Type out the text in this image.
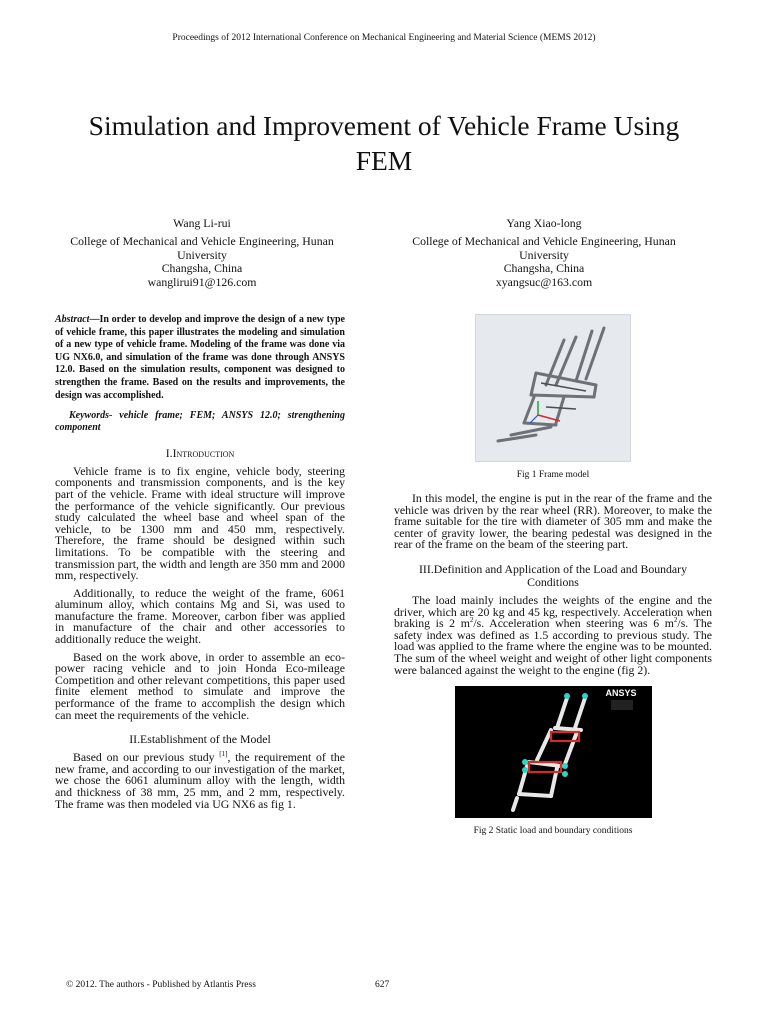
Proceedings of 2012 International Conference on Mechanical Engineering and Material Science (MEMS 2012)
Simulation and Improvement of Vehicle Frame Using
FEM
Wang Li-rui
College of Mechanical and Vehicle Engineering, Hunan
University
Changsha, China
wanglirui91@126.com
Yang Xiao-long
College of Mechanical and Vehicle Engineering, Hunan
University
Changsha, China
xyangsuc@163.com

Abstract—In order to develop and improve the design of a new type of vehicle frame, this paper illustrates the modeling and simulation of a new type of vehicle frame. Modeling of the frame was done via UG NX6.0, and simulation of the frame was done through ANSYS 12.0. Based on the simulation results, component was designed to strengthen the frame. Based on the results and improvements, the design was accomplished.

Keywords- vehicle frame; FEM; ANSYS 12.0; strengthening component

I.Introduction

Vehicle frame is to fix engine, vehicle body, steering components and transmission components, and is the key part of the vehicle. Frame with ideal structure will improve the performance of the vehicle significantly. Our previous study calculated the wheel base and wheel span of the vehicle, to be 1300 mm and 450 mm, respectively. Therefore, the frame should be designed within such limitations. To be compatible with the steering and transmission part, the width and length are 350 mm and 2000 mm, respectively.

Additionally, to reduce the weight of the frame, 6061 aluminum alloy, which contains Mg and Si, was used to manufacture the frame. Moreover, carbon fiber was applied in manufacture of the chair and other accessories to additionally reduce the weight.

Based on the work above, in order to assemble an eco-power racing vehicle and to join Honda Eco-mileage Competition and other relevant competitions, this paper used finite element method to simulate and improve the performance of the frame to accomplish the design which can meet the requirements of the vehicle.

II.Establishment of the Model

Based on our previous study [1], the requirement of the new frame, and according to our investigation of the market, we chose the 6061 aluminum alloy with the length, width and thickness of 38 mm, 25 mm, and 2 mm, respectively. The frame was then modeled via UG NX6 as fig 1.

Fig 1 Frame model

In this model, the engine is put in the rear of the frame and the vehicle was driven by the rear wheel (RR). Moreover, to make the frame suitable for the tire with diameter of 305 mm and make the center of gravity lower, the bearing pedestal was designed in the rear of the frame on the beam of the steering part.

III.Definition and Application of the Load and Boundary Conditions

The load mainly includes the weights of the engine and the driver, which are 20 kg and 45 kg, respectively. Acceleration when braking is 2 $m^2/s$. Acceleration when steering was 6 $m^2/s$. The safety index was defined as 1.5 according to previous study. The load was applied to the frame where the engine was to be mounted. The sum of the wheel weight and weight of other light components were balanced against the weight to the engine (fig 2).

ANSYS
Fig 2 Static load and boundary conditions
© 2012. The authors - Published by Atlantis Press	627
